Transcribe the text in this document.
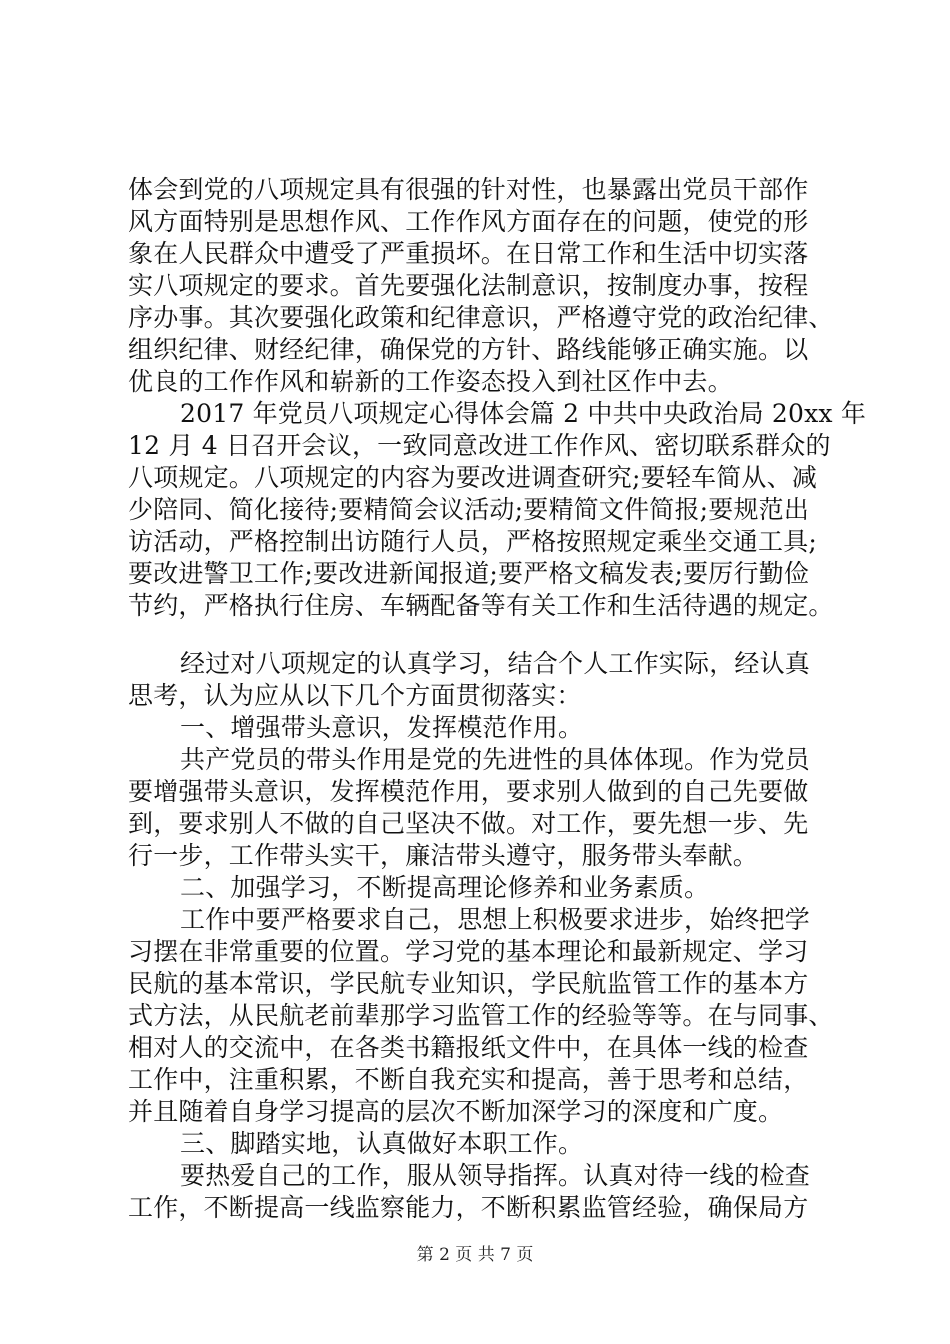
体会到党的八项规定具有很强的针对性，也暴露出党员干部作
风方面特别是思想作风、工作作风方面存在的问题，使党的形
象在人民群众中遭受了严重损坏。在日常工作和生活中切实落
实八项规定的要求。首先要强化法制意识，按制度办事，按程
序办事。其次要强化政策和纪律意识，严格遵守党的政治纪律、
组织纪律、财经纪律，确保党的方针、路线能够正确实施。以
优良的工作作风和崭新的工作姿态投入到社区作中去。
2017 年党员八项规定心得体会篇 2 中共中央政治局 20xx 年
12 月 4 日召开会议，一致同意改进工作作风、密切联系群众的
八项规定。八项规定的内容为要改进调查研究;要轻车简从、减
少陪同、简化接待;要精简会议活动;要精简文件简报;要规范出
访活动，严格控制出访随行人员，严格按照规定乘坐交通工具;
要改进警卫工作;要改进新闻报道;要严格文稿发表;要厉行勤俭
节约，严格执行住房、车辆配备等有关工作和生活待遇的规定。
经过对八项规定的认真学习，结合个人工作实际，经认真
思考，认为应从以下几个方面贯彻落实：
一、增强带头意识，发挥模范作用。
共产党员的带头作用是党的先进性的具体体现。作为党员
要增强带头意识，发挥模范作用，要求别人做到的自己先要做
到，要求别人不做的自己坚决不做。对工作，要先想一步、先
行一步，工作带头实干，廉洁带头遵守，服务带头奉献。
二、加强学习，不断提高理论修养和业务素质。
工作中要严格要求自己，思想上积极要求进步，始终把学
习摆在非常重要的位置。学习党的基本理论和最新规定、学习
民航的基本常识，学民航专业知识，学民航监管工作的基本方
式方法，从民航老前辈那学习监管工作的经验等等。在与同事、
相对人的交流中，在各类书籍报纸文件中，在具体一线的检查
工作中，注重积累，不断自我充实和提高，善于思考和总结，
并且随着自身学习提高的层次不断加深学习的深度和广度。
三、脚踏实地，认真做好本职工作。
要热爱自己的工作，服从领导指挥。认真对待一线的检查
工作，不断提高一线监察能力，不断积累监管经验，确保局方
第 2 页 共 7 页
